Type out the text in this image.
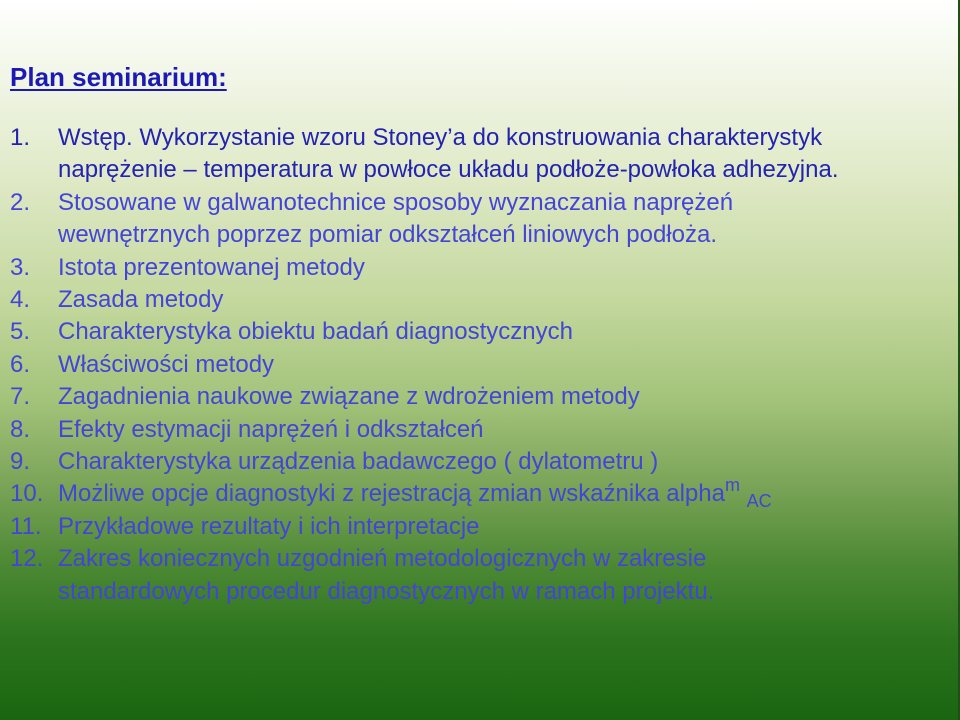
Plan seminarium:
1.	Wstęp. Wykorzystanie wzoru Stoney’a do konstruowania charakterystyk
naprężenie – temperatura w powłoce układu podłoże-powłoka adhezyjna.
2.	Stosowane w galwanotechnice sposoby wyznaczania naprężeń
wewnętrznych poprzez pomiar odkształceń liniowych podłoża.
3.	Istota prezentowanej metody
4.	Zasada metody
5.	Charakterystyka obiektu badań diagnostycznych
6.	Właściwości metody
7.	Zagadnienia naukowe związane z wdrożeniem metody
8.	Efekty estymacji naprężeń i odkształceń
9.	Charakterystyka urządzenia badawczego ( dylatometru )
10. Możliwe opcje diagnostyki z rejestracją zmian wskaźnika alpha$^m$ $_{AC}$
11. Przykładowe rezultaty i ich interpretacje
12. Zakres koniecznych uzgodnień metodologicznych w zakresie
standardowych procedur diagnostycznych w ramach projektu.
